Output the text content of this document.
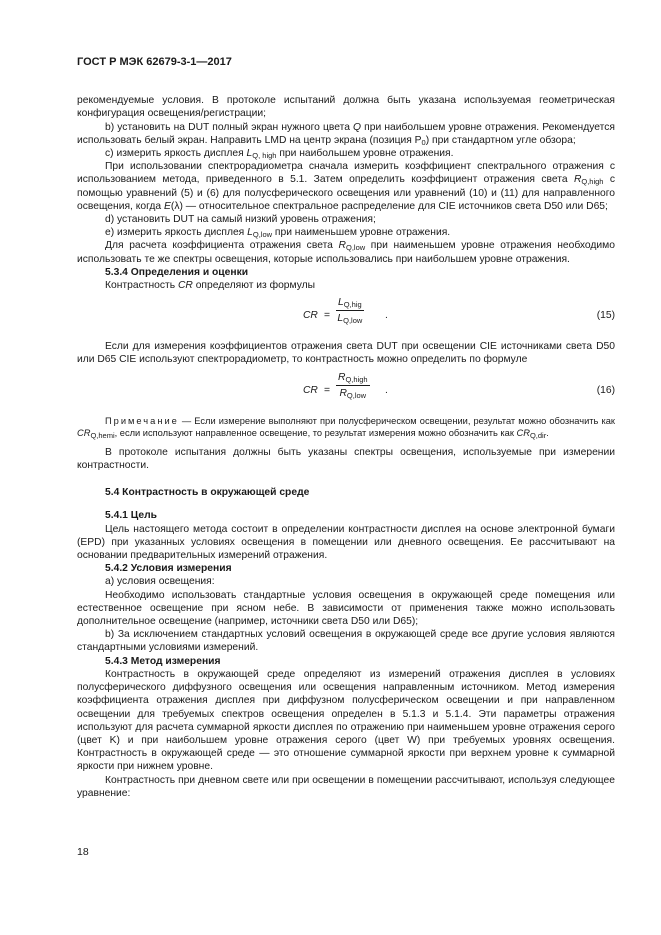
ГОСТ Р МЭК 62679-3-1—2017

рекомендуемые условия. В протоколе испытаний должна быть указана используемая геометрическая конфигурация освещения/регистрации;

b) установить на DUT полный экран нужного цвета Q при наибольшем уровне отражения. Рекомендуется использовать белый экран. Направить LMD на центр экрана (позиция $P_0$) при стандартном угле обзора;

с) измерить яркость дисплея $L_{Q, high}$ при наибольшем уровне отражения.

При использовании спектрорадиометра сначала измерить коэффициент спектрального отражения с использованием метода, приведенного в 5.1. Затем определить коэффициент отражения света $R_{Q,high}$ с помощью уравнений (5) и (6) для полусферического освещения или уравнений (10) и (11) для направленного освещения, когда E(λ) — относительное спектральное распределение для CIE источников света D50 или D65;

d) установить DUT на самый низкий уровень отражения;

е) измерить яркость дисплея $L_{Q,low}$ при наименьшем уровне отражения.

Для расчета коэффициента отражения света $R_{Q,low}$ при наименьшем уровне отражения необходимо использовать те же спектры освещения, которые использовались при наибольшем уровне отражения.

5.3.4 Определения и оценки

Контрастность CR определяют из формулы

CR =
$L_{Q,hig}$
$L_{Q,low}$ .	(15)

Если для измерения коэффициентов отражения света DUT при освещении CIE источниками света D50 или D65 CIE используют спектрорадиометр, то контрастность можно определить по формуле

CR =
$R_{Q,high}$
$R_{Q,low}$	.	(16)

Примечание — Если измерение выполняют при полусферическом освещении, результат можно обозначить как $CR_{Q,hemi}$, если используют направленное освещение, то результат измерения можно обозначить как $CR_{Q,dir}$.

В протоколе испытания должны быть указаны спектры освещения, используемые при измерении контрастности.

5.4 Контрастность в окружающей среде

5.4.1 Цель

Цель настоящего метода состоит в определении контрастности дисплея на основе электронной бумаги (EPD) при указанных условиях освещения в помещении или дневного освещения. Ее рассчитывают на основании предварительных измерений отражения.

5.4.2 Условия измерения

а) условия освещения:

Необходимо использовать стандартные условия освещения в окружающей среде помещения или естественное освещение при ясном небе. В зависимости от применения также можно использовать дополнительное освещение (например, источники света D50 или D65);

b) За исключением стандартных условий освещения в окружающей среде все другие условия являются стандартными условиями измерений.

5.4.3 Метод измерения

Контрастность в окружающей среде определяют из измерений отражения дисплея в условиях полусферического диффузного освещения или освещения направленным источником. Метод измерения коэффициента отражения дисплея при диффузном полусферическом освещении и при направленном освещении для требуемых спектров освещения определен в 5.1.3 и 5.1.4. Эти параметры отражения используют для расчета суммарной яркости дисплея по отражению при наименьшем уровне отражения серого (цвет K) и при наибольшем уровне отражения серого (цвет W) при требуемых уровнях освещения. Контрастность в окружающей среде — это отношение суммарной яркости при верхнем уровне к суммарной яркости при нижнем уровне.

Контрастность при дневном свете или при освещении в помещении рассчитывают, используя следующее уравнение:

18
